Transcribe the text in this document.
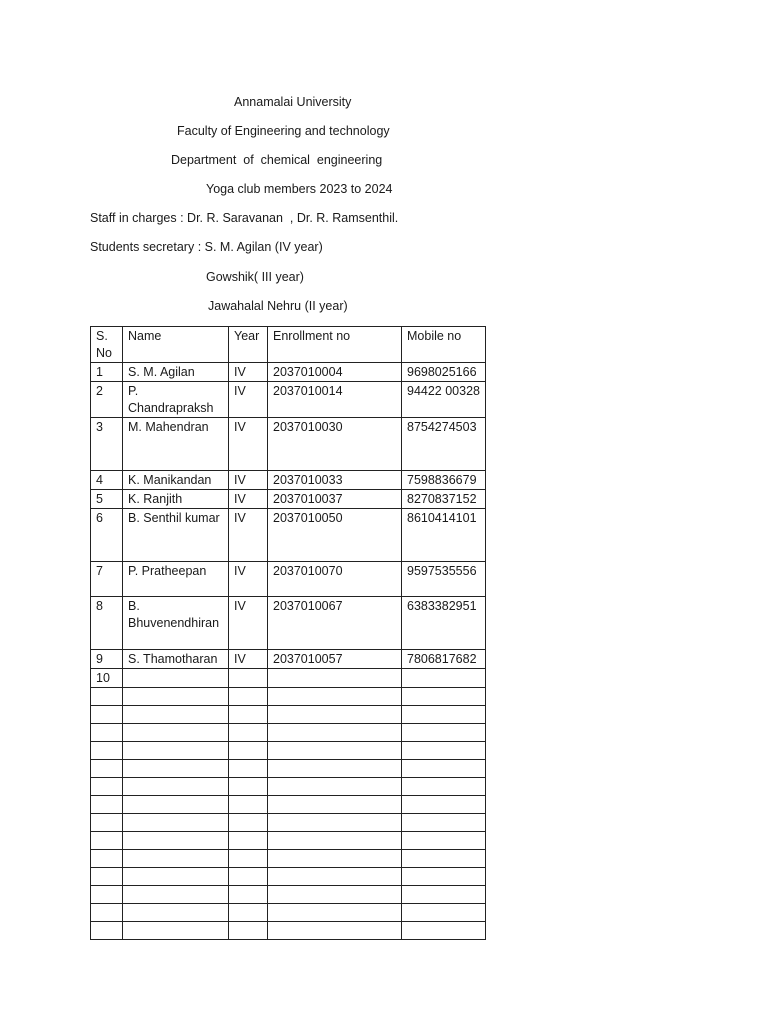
Annamalai University
Faculty of Engineering and technology
Department  of  chemical  engineering
Yoga club members 2023 to 2024
Staff in charges : Dr. R. Saravanan  , Dr. R. Ramsenthil.
Students secretary : S. M. Agilan (IV year)
Gowshik( III year)
Jawahalal Nehru (II year)
S. No	Name	Year	Enrollment no	Mobile no
1	S. M. Agilan	IV	2037010004	9698025166
2	P. Chandrapraksh	IV	2037010014	94422 00328
3	M. Mahendran	IV	2037010030	8754274503
4	K. Manikandan	IV	2037010033	7598836679
5	K. Ranjith	IV	2037010037	8270837152
6	B. Senthil kumar	IV	2037010050	8610414101
7	P. Pratheepan	IV	2037010070	9597535556
8	B. Bhuvenendhiran	IV	2037010067	6383382951
9	S. Thamotharan	IV	2037010057	7806817682
10				
